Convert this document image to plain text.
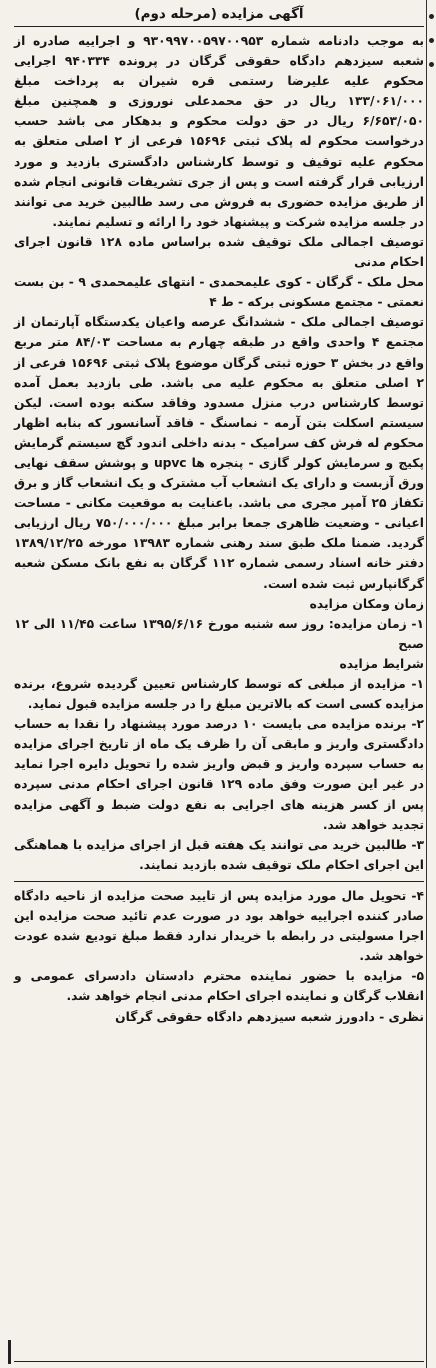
آگهی مزایده (مرحله دوم)

به موجب دادنامه شماره ۹۳۰۹۹۷۰۰۵۹۷۰۰۹۵۳ و اجراییه صادره از شعبه سیزدهم دادگاه حقوقی گرگان در پرونده ۹۴۰۳۳۴ اجرایی محکوم علیه علیرضا رستمی قره شیران به پرداخت مبلغ ۱۳۳/۰۶۱/۰۰۰ ریال در حق محمدعلی نوروزی و همچنین مبلغ ۶/۶۵۳/۰۵۰ ریال در حق دولت محکوم و بدهکار می باشد حسب درخواست محکوم له پلاک ثبتی ۱۵۶۹۶ فرعی از ۲ اصلی متعلق به محکوم علیه توقیف و توسط کارشناس دادگستری بازدید و مورد ارزیابی قرار گرفته است و پس از جری تشریفات قانونی انجام شده از طریق مزایده حضوری به فروش می رسد طالبین خرید می توانند در جلسه مزایده شرکت و پیشنهاد خود را ارائه و تسلیم نمایند.

توصیف اجمالی ملک توقیف شده براساس ماده ۱۲۸ قانون اجرای احکام مدنی

محل ملک - گرگان - کوی علیمحمدی - انتهای علیمحمدی ۹ - بن بست نعمتی - مجتمع مسکونی برکه - ط ۴

توصیف اجمالی ملک - ششدانگ عرصه واعیان یکدستگاه آپارتمان از مجتمع ۴ واحدی واقع در طبقه چهارم به مساحت ۸۴/۰۳ متر مربع واقع در بخش ۳ حوزه ثبتی گرگان موضوع پلاک ثبتی ۱۵۶۹۶ فرعی از ۲ اصلی متعلق به محکوم علیه می باشد. طی بازدید بعمل آمده توسط کارشناس درب منزل مسدود وفاقد سکنه بوده است. لیکن سیستم اسکلت بتن آرمه - نماسنگ - فاقد آسانسور که بنابه اظهار محکوم له فرش کف سرامیک - بدنه داخلی اندود گچ سیستم گرمایش پکیج و سرمایش کولر گازی - پنجره ها upvc و پوشش سقف نهایی ورق آزبست و دارای یک انشعاب آب مشترک و یک انشعاب گاز و برق تکفاز ۲۵ آمپر مجری می باشد. باعنایت به موقعیت مکانی - مساحت اعیانی - وضعیت ظاهری جمعا برابر مبلغ ۷۵۰/۰۰۰/۰۰۰ ریال ارزیابی گردید. ضمنا ملک طبق سند رهنی شماره ۱۳۹۸۳ مورخه ۱۳۸۹/۱۲/۲۵ دفتر خانه اسناد رسمی شماره ۱۱۲ گرگان به نفع بانک مسکن شعبه گرگانپارس ثبت شده است.

زمان ومکان مزایده

۱- زمان مزایده: روز سه شنبه مورخ ۱۳۹۵/۶/۱۶ ساعت ۱۱/۴۵ الی ۱۲ صبح

شرایط مزایده

۱- مزایده از مبلغی که توسط کارشناس تعیین گردیده شروع، برنده مزایده کسی است که بالاترین مبلغ را در جلسه مزایده قبول نماید.

۲- برنده مزایده می بایست ۱۰ درصد مورد پیشنهاد را نقدا به حساب دادگستری واریز و مابقی آن را ظرف یک ماه از تاریخ اجرای مزایده به حساب سپرده واریز و قبض واریز شده را تحویل دایره اجرا نماید در غیر این صورت وفق ماده ۱۲۹ قانون اجرای احکام مدنی سپرده پس از کسر هزینه های اجرایی به نفع دولت ضبط و آگهی مزایده تجدید خواهد شد.

۳- طالبین خرید می توانند یک هفته قبل از اجرای مزایده با هماهنگی این اجرای احکام ملک توقیف شده بازدید نمایند.

۴- تحویل مال مورد مزایده پس از تایید صحت مزایده از ناحیه دادگاه صادر کننده اجراییه خواهد بود در صورت عدم تائید صحت مزایده این اجرا مسولیتی در رابطه با خریدار ندارد فقط مبلغ تودیع شده عودت خواهد شد.

۵- مزایده با حضور نماینده محترم دادستان دادسرای عمومی و انقلاب گرگان و نماینده اجرای احکام مدنی انجام خواهد شد.

نظری - دادورز شعبه سیزدهم دادگاه حقوقی گرگان
